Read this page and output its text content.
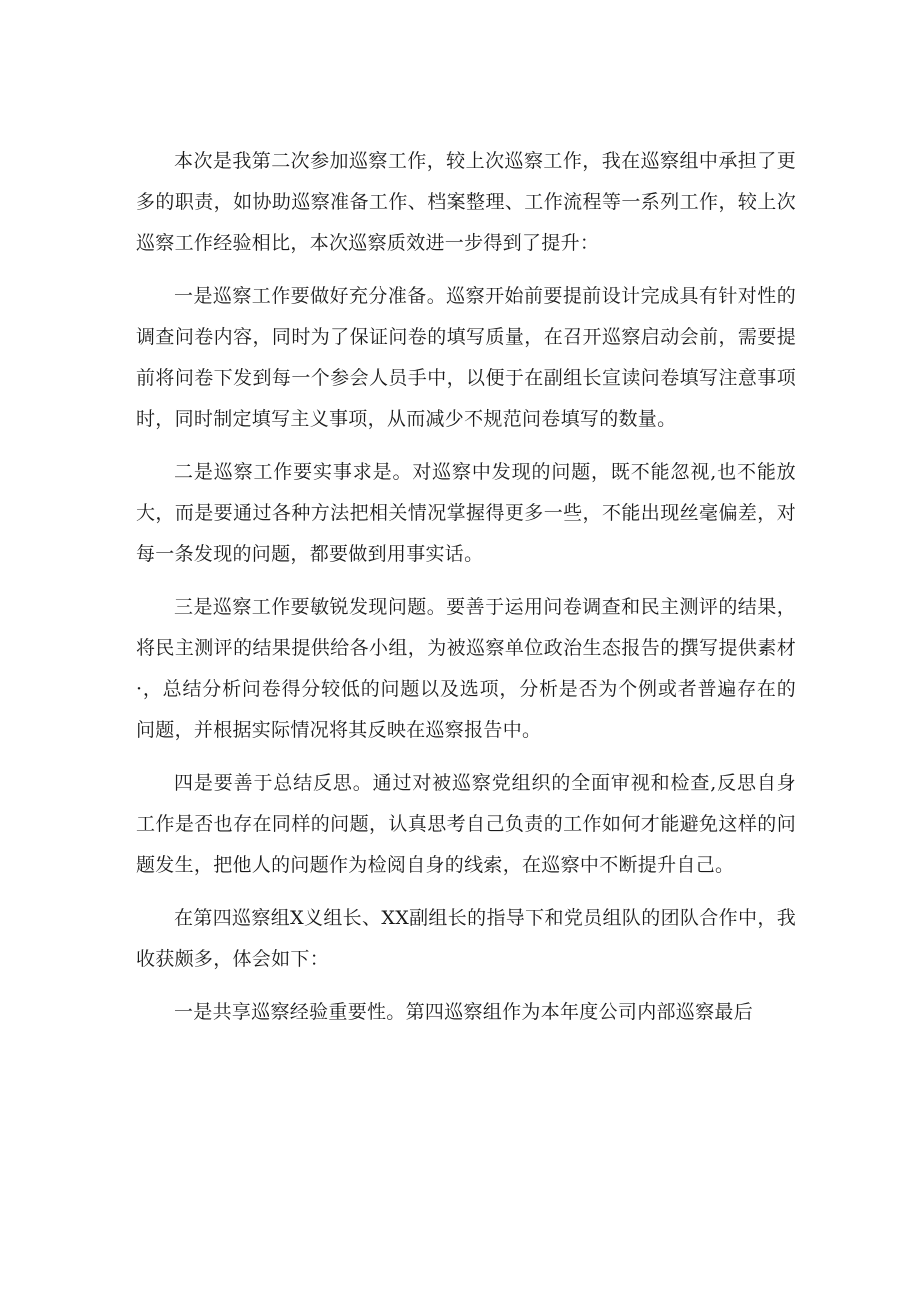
本次是我第二次参加巡察工作，较上次巡察工作，我在巡察组中承担了更多的职责，如协助巡察准备工作、档案整理、工作流程等一系列工作，较上次巡察工作经验相比，本次巡察质效进一步得到了提升：

一是巡察工作要做好充分准备。巡察开始前要提前设计完成具有针对性的调查问卷内容，同时为了保证问卷的填写质量，在召开巡察启动会前，需要提前将问卷下发到每一个参会人员手中，以便于在副组长宣读问卷填写注意事项时，同时制定填写主义事项，从而减少不规范问卷填写的数量。

二是巡察工作要实事求是。对巡察中发现的问题，既不能忽视,也不能放大，而是要通过各种方法把相关情况掌握得更多一些，不能出现丝毫偏差，对每一条发现的问题，都要做到用事实话。

三是巡察工作要敏锐发现问题。要善于运用问卷调查和民主测评的结果，将民主测评的结果提供给各小组，为被巡察单位政治生态报告的撰写提供素材·，总结分析问卷得分较低的问题以及选项，分析是否为个例或者普遍存在的问题，并根据实际情况将其反映在巡察报告中。

四是要善于总结反思。通过对被巡察党组织的全面审视和检查,反思自身工作是否也存在同样的问题，认真思考自己负责的工作如何才能避免这样的问题发生，把他人的问题作为检阅自身的线索，在巡察中不断提升自己。

在第四巡察组X义组长、XX副组长的指导下和党员组队的团队合作中，我收获颇多，体会如下：

一是共享巡察经验重要性。第四巡察组作为本年度公司内部巡察最后
